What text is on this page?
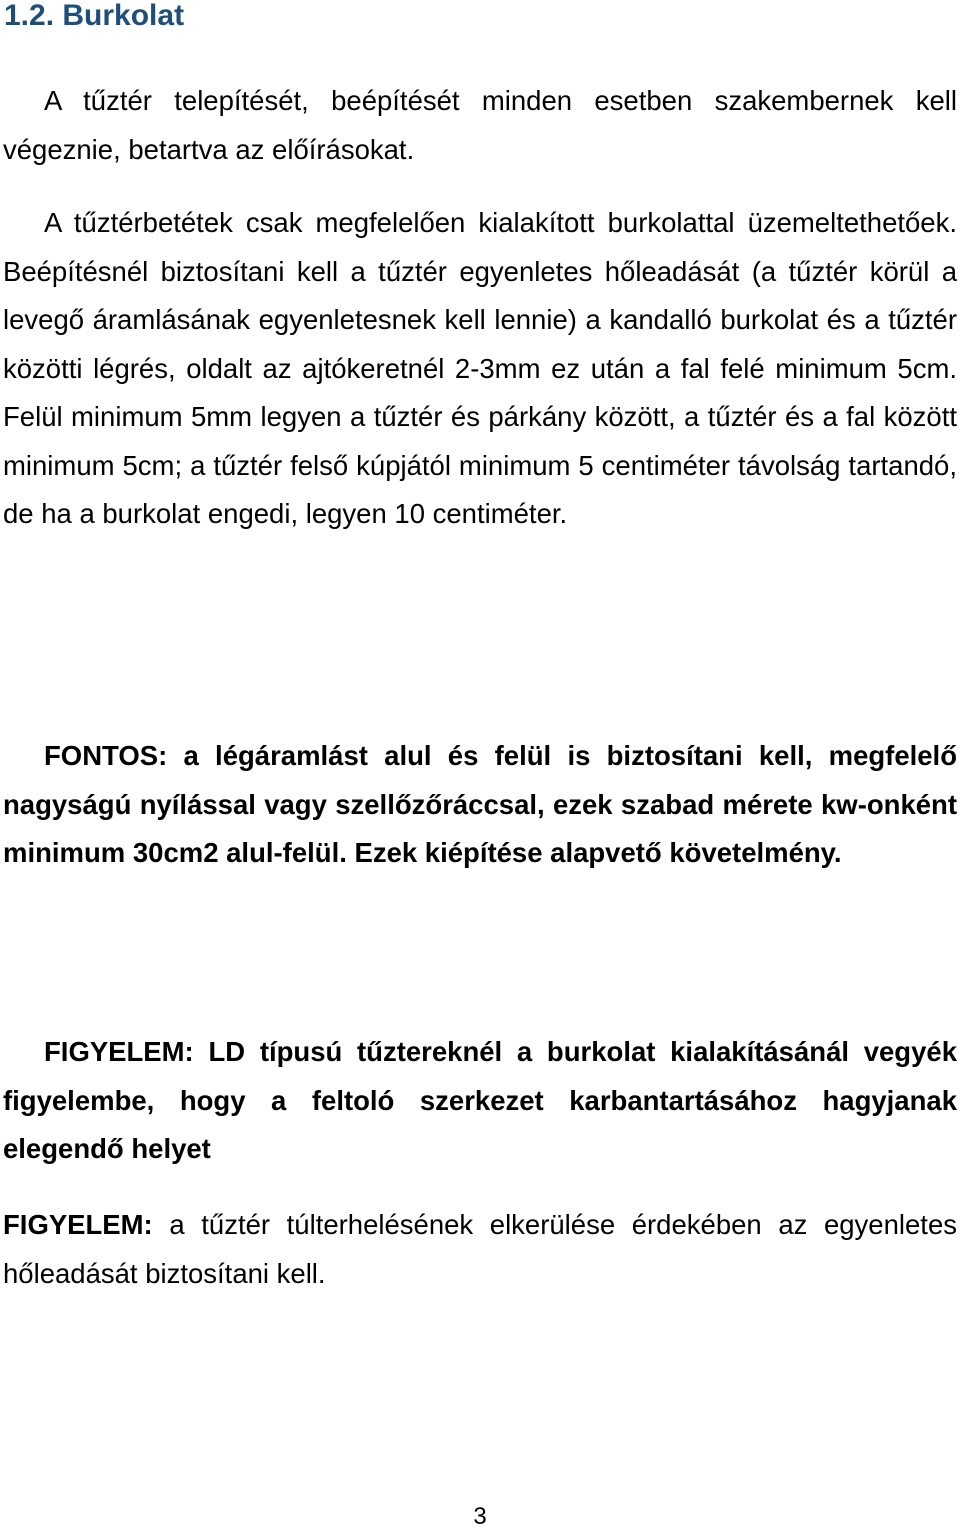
1.2. Burkolat

A tűztér telepítését, beépítését minden esetben szakembernek kell végeznie, betartva az előírásokat.

A tűztérbetétek csak megfelelően kialakított burkolattal üzemeltethetőek. Beépítésnél biztosítani kell a tűztér egyenletes hőleadását (a tűztér körül a levegő áramlásának egyenletesnek kell lennie) a kandalló burkolat és a tűztér közötti légrés, oldalt az ajtókeretnél 2-3mm ez után a fal felé minimum 5cm. Felül minimum 5mm legyen a tűztér és párkány között, a tűztér és a fal között minimum 5cm; a tűztér felső kúpjától minimum 5 centiméter távolság tartandó, de ha a burkolat engedi, legyen 10 centiméter.

FONTOS: a légáramlást alul és felül is biztosítani kell, megfelelő nagyságú nyílással vagy szellőzőráccsal, ezek szabad mérete kw-onként minimum 30cm2 alul-felül. Ezek kiépítése alapvető követelmény.

FIGYELEM: LD típusú tűztereknél a burkolat kialakításánál vegyék figyelembe, hogy a feltoló szerkezet karbantartásához hagyjanak elegendő helyet

FIGYELEM: a tűztér túlterhelésének elkerülése érdekében az egyenletes hőleadását biztosítani kell.

3
